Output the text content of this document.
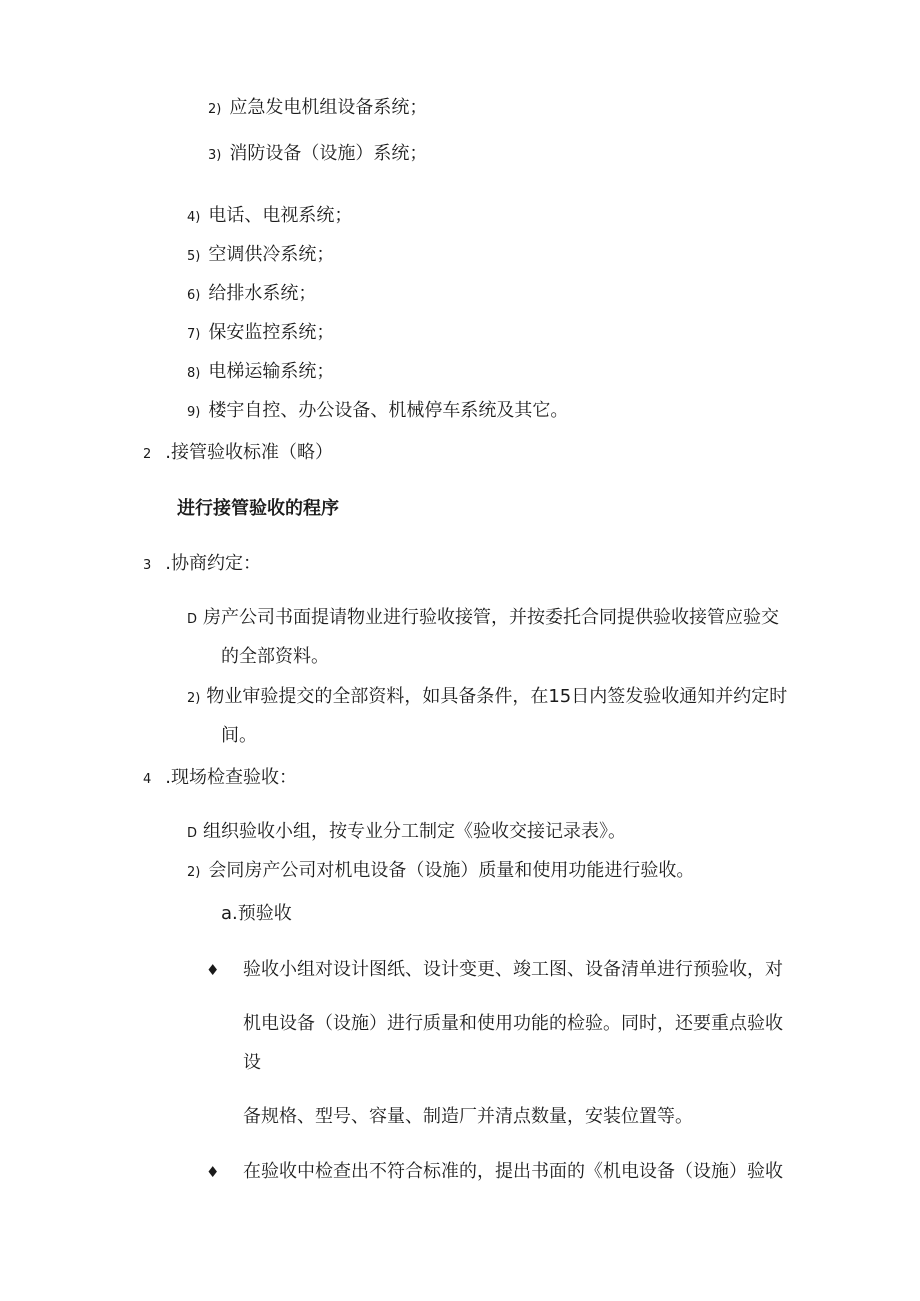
2) 应急发电机组设备系统；
3) 消防设备（设施）系统；
4) 电话、电视系统；
5) 空调供冷系统；
6) 给排水系统；
7) 保安监控系统；
8) 电梯运输系统；
9) 楼宇自控、办公设备、机械停车系统及其它。
2 .接管验收标准（略）
进行接管验收的程序
3 .协商约定：
D 房产公司书面提请物业进行验收接管，并按委托合同提供验收接管应验交
的全部资料。
2) 物业审验提交的全部资料，如具备条件，在15日内签发验收通知并约定时
间。
4 .现场检查验收：
D 组织验收小组，按专业分工制定《验收交接记录表》。
2) 会同房产公司对机电设备（设施）质量和使用功能进行验收。
a.预验收
♦ 验收小组对设计图纸、设计变更、竣工图、设备清单进行预验收，对
机电设备（设施）进行质量和使用功能的检验。同时，还要重点验收
设
备规格、型号、容量、制造厂并清点数量，安装位置等。
♦ 在验收中检查出不符合标准的，提出书面的《机电设备（设施）验收
